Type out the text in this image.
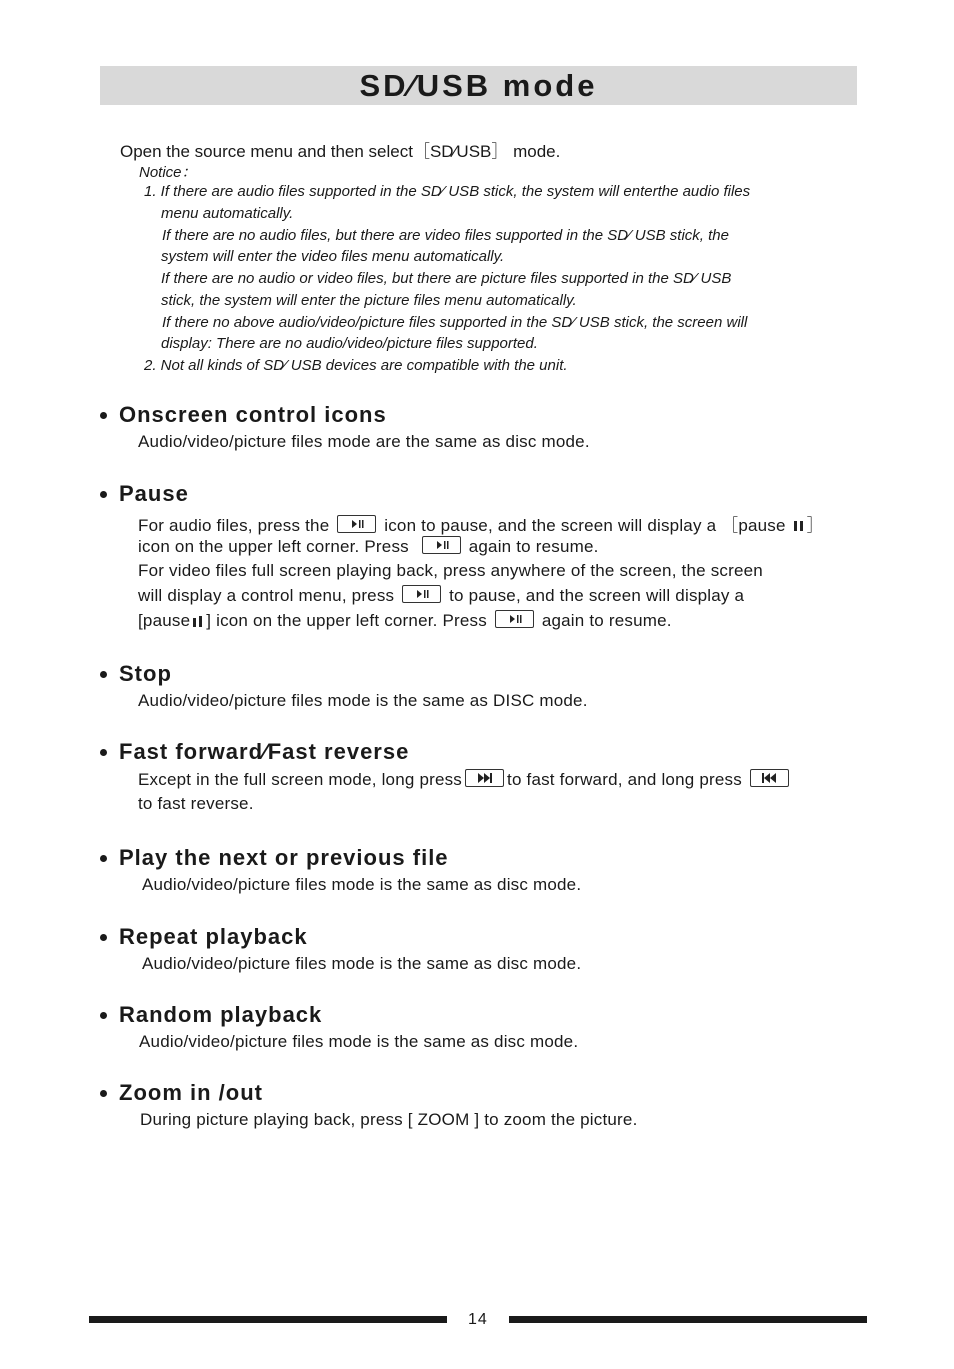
SD⁄USB mode
Open the source menu and then select［SD⁄USB］ mode.
Notice：
1. If there are audio files supported in the SD⁄ USB stick, the system will enterthe audio files
menu automatically.
If there are no audio files, but there are video files supported in the SD⁄ USB stick, the
system will enter the video files menu automatically.
If there are no audio or video files, but there are picture files supported in the SD⁄ USB
stick, the system will enter the picture files menu automatically.
If there no above audio/video/picture files supported in the SD⁄ USB stick, the screen will
display: There are no audio/video/picture files supported.
2. Not all kinds of SD⁄ USB devices are compatible with the unit.
Onscreen control icons
Audio/video/picture files mode are the same as disc mode.
Pause
For audio files, press the	icon to pause, and the screen will display a ［pause ］
icon on the upper left corner. Press	again to resume.
For video files full screen playing back, press anywhere of the screen, the screen
will display a control menu, press	to pause, and the screen will display a
[pause ] icon on the upper left corner. Press	again to resume.
Stop
Audio/video/picture files mode is the same as DISC mode.
Fast forward⁄Fast reverse
Except in the full screen mode, long press	to fast forward, and long press
to fast reverse.
Play the next or previous file
Audio/video/picture files mode is the same as disc mode.
Repeat playback
Audio/video/picture files mode is the same as disc mode.
Random playback
Audio/video/picture files mode is the same as disc mode.
Zoom in /out
During picture playing back, press [ ZOOM ] to zoom the picture.
14
